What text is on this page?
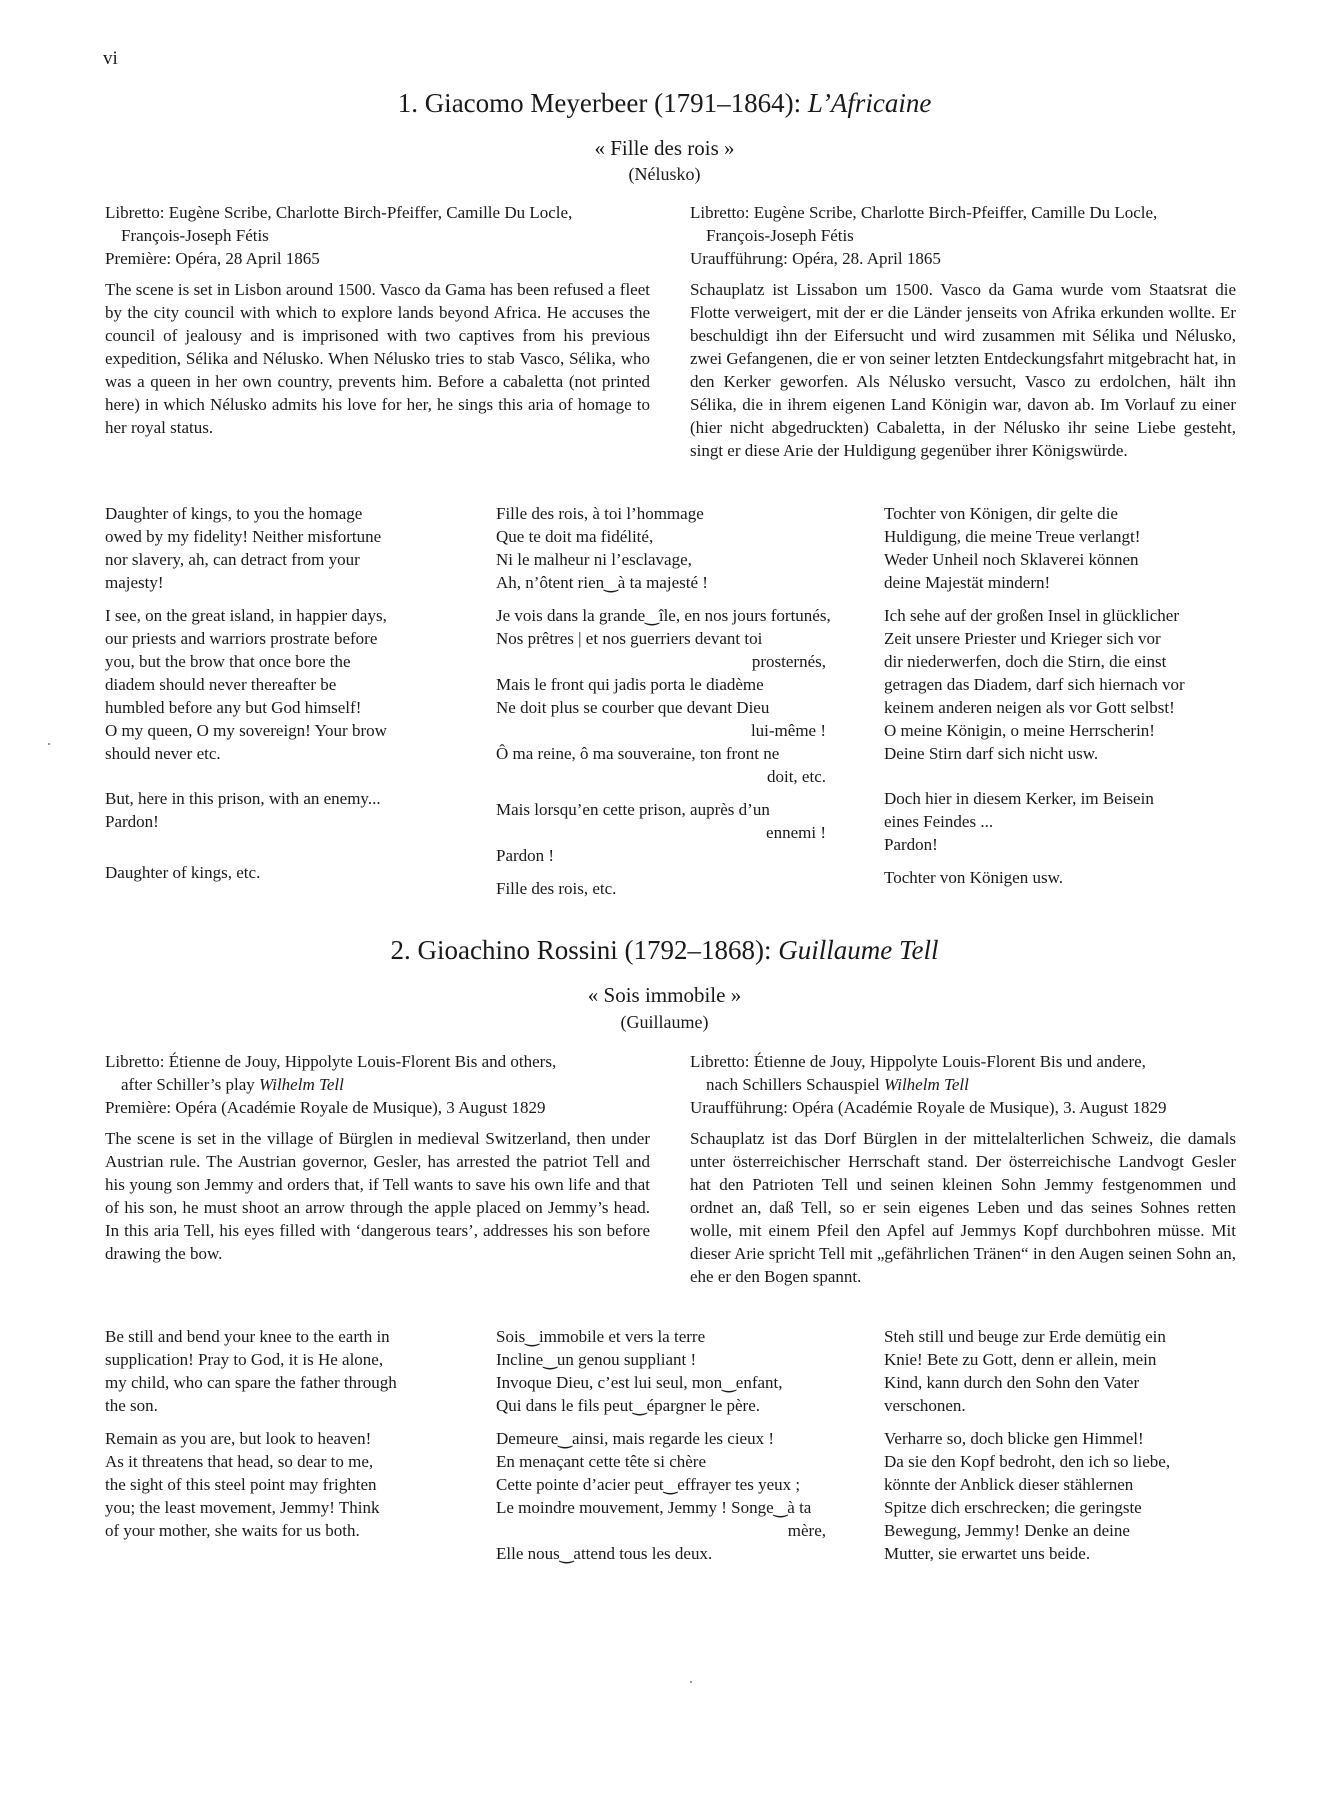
vi
1. Giacomo Meyerbeer (1791–1864): L’Africaine
« Fille des rois »
(Nélusko)

Libretto: Eugène Scribe, Charlotte Birch-Pfeiffer, Camille Du Locle,

François-Joseph Fétis

Première: Opéra, 28 April 1865

The scene is set in Lisbon around 1500. Vasco da Gama has been refused a fleet by the city council with which to explore lands beyond Africa. He accuses the council of jealousy and is imprisoned with two captives from his previous expedition, Sélika and Nélusko. When Nélusko tries to stab Vasco, Sélika, who was a queen in her own country, prevents him. Before a cabaletta (not printed here) in which Nélusko admits his love for her, he sings this aria of homage to her royal status.

Libretto: Eugène Scribe, Charlotte Birch-Pfeiffer, Camille Du Locle,

François-Joseph Fétis

Uraufführung: Opéra, 28. April 1865

Schauplatz ist Lissabon um 1500. Vasco da Gama wurde vom Staatsrat die Flotte verweigert, mit der er die Länder jenseits von Afrika erkunden wollte. Er beschuldigt ihn der Eifersucht und wird zusammen mit Sélika und Nélusko, zwei Gefangenen, die er von seiner letzten Entdeckungsfahrt mitgebracht hat, in den Kerker geworfen. Als Nélusko versucht, Vasco zu erdolchen, hält ihn Sélika, die in ihrem eigenen Land Königin war, davon ab. Im Vorlauf zu einer (hier nicht abgedruckten) Cabaletta, in der Nélusko ihr seine Liebe gesteht, singt er diese Arie der Huldigung gegenüber ihrer Königswürde.

Daughter of kings, to you the homage
owed by my fidelity! Neither misfortune
nor slavery, ah, can detract from your
majesty!

I see, on the great island, in happier days,
our priests and warriors prostrate before
you, but the brow that once bore the
diadem should never thereafter be
humbled before any but God himself!
O my queen, O my sovereign! Your brow
should never etc.

But, here in this prison, with an enemy...
Pardon!

Daughter of kings, etc.

Fille des rois, à toi l’hommage
Que te doit ma fidélité,
Ni le malheur ni l’esclavage,
Ah, n’ôtent rien‿à ta majesté !

Je vois dans la grande‿île, en nos jours fortunés,
Nos prêtres | et nos guerriers devant toi
prosternés,
Mais le front qui jadis porta le diadème
Ne doit plus se courber que devant Dieu
lui-même !
Ô ma reine, ô ma souveraine, ton front ne
doit, etc.

Mais lorsqu’en cette prison, auprès d’un
ennemi !
Pardon !

Fille des rois, etc.

Tochter von Königen, dir gelte die
Huldigung, die meine Treue verlangt!
Weder Unheil noch Sklaverei können
deine Majestät mindern!

Ich sehe auf der großen Insel in glücklicher
Zeit unsere Priester und Krieger sich vor
dir niederwerfen, doch die Stirn, die einst
getragen das Diadem, darf sich hiernach vor
keinem anderen neigen als vor Gott selbst!
O meine Königin, o meine Herrscherin!
Deine Stirn darf sich nicht usw.

Doch hier in diesem Kerker, im Beisein
eines Feindes ...
Pardon!

Tochter von Königen usw.

2. Gioachino Rossini (1792–1868): Guillaume Tell
« Sois immobile »
(Guillaume)

Libretto: Étienne de Jouy, Hippolyte Louis-Florent Bis and others,

after Schiller’s play Wilhelm Tell

Première: Opéra (Académie Royale de Musique), 3 August 1829

The scene is set in the village of Bürglen in medieval Switzerland, then under Austrian rule. The Austrian governor, Gesler, has arrested the patriot Tell and his young son Jemmy and orders that, if Tell wants to save his own life and that of his son, he must shoot an arrow through the apple placed on Jemmy’s head. In this aria Tell, his eyes filled with ‘dangerous tears’, addresses his son before drawing the bow.

Libretto: Étienne de Jouy, Hippolyte Louis-Florent Bis und andere,

nach Schillers Schauspiel Wilhelm Tell

Uraufführung: Opéra (Académie Royale de Musique), 3. August 1829

Schauplatz ist das Dorf Bürglen in der mittelalterlichen Schweiz, die damals unter österreichischer Herrschaft stand. Der österreichische Landvogt Gesler hat den Patrioten Tell und seinen kleinen Sohn Jemmy festgenommen und ordnet an, daß Tell, so er sein eigenes Leben und das seines Sohnes retten wolle, mit einem Pfeil den Apfel auf Jemmys Kopf durchbohren müsse. Mit dieser Arie spricht Tell mit „gefährlichen Tränen“ in den Augen seinen Sohn an, ehe er den Bogen spannt.

Be still and bend your knee to the earth in
supplication! Pray to God, it is He alone,
my child, who can spare the father through
the son.

Remain as you are, but look to heaven!
As it threatens that head, so dear to me,
the sight of this steel point may frighten
you; the least movement, Jemmy! Think
of your mother, she waits for us both.

Sois‿immobile et vers la terre
Incline‿un genou suppliant !
Invoque Dieu, c’est lui seul, mon‿enfant,
Qui dans le fils peut‿épargner le père.

Demeure‿ainsi, mais regarde les cieux !
En menaçant cette tête si chère
Cette pointe d’acier peut‿effrayer tes yeux ;
Le moindre mouvement, Jemmy ! Songe‿à ta
mère,
Elle nous‿attend tous les deux.

Steh still und beuge zur Erde demütig ein
Knie! Bete zu Gott, denn er allein, mein
Kind, kann durch den Sohn den Vater
verschonen.

Verharre so, doch blicke gen Himmel!
Da sie den Kopf bedroht, den ich so liebe,
könnte der Anblick dieser stählernen
Spitze dich erschrecken; die geringste
Bewegung, Jemmy! Denke an deine
Mutter, sie erwartet uns beide.
